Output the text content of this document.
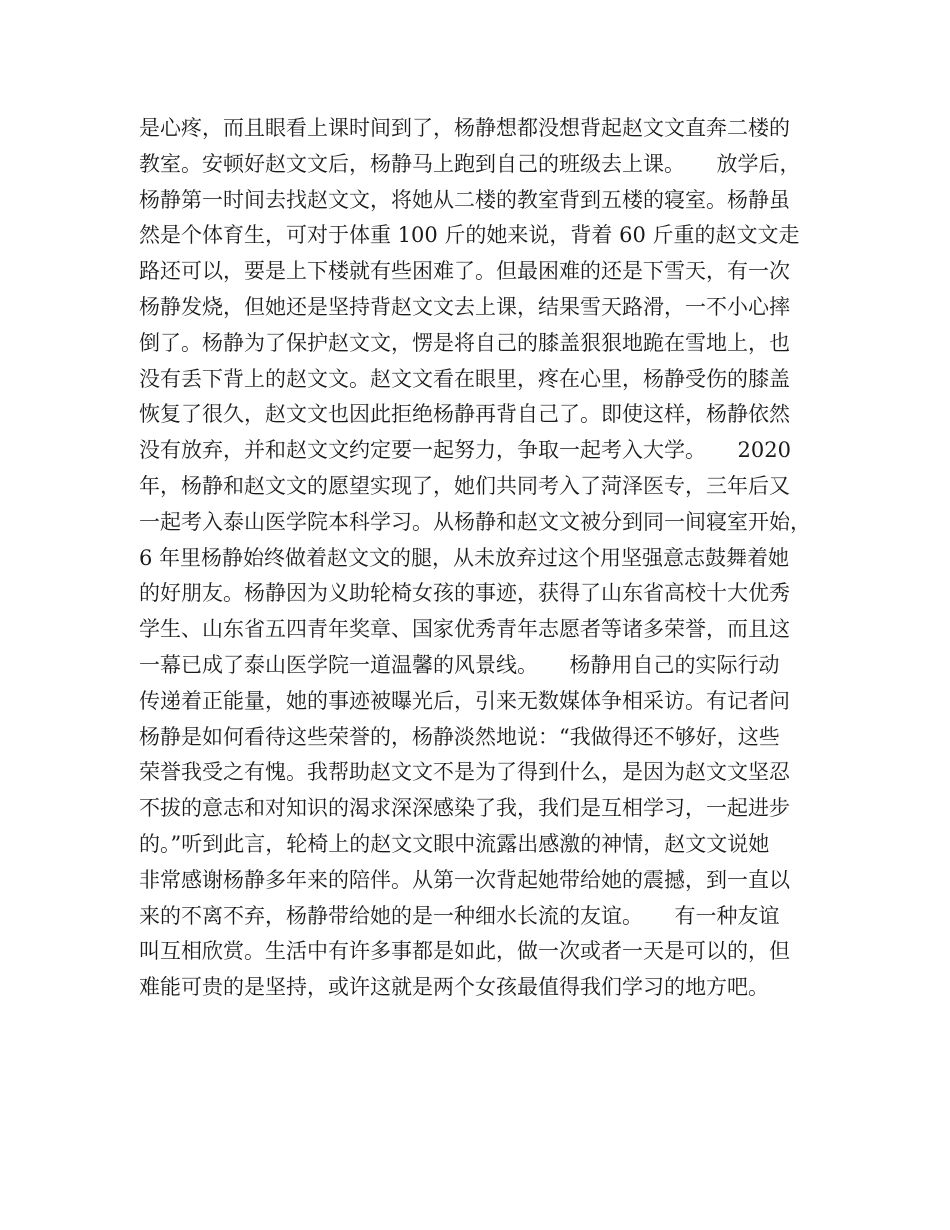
是心疼，而且眼看上课时间到了，杨静想都没想背起赵文文直奔二楼的
教室。安顿好赵文文后，杨静马上跑到自己的班级去上课。　　放学后，
杨静第一时间去找赵文文，将她从二楼的教室背到五楼的寝室。杨静虽
然是个体育生，可对于体重 100 斤的她来说，背着 60 斤重的赵文文走
路还可以，要是上下楼就有些困难了。但最困难的还是下雪天，有一次
杨静发烧，但她还是坚持背赵文文去上课，结果雪天路滑，一不小心摔
倒了。杨静为了保护赵文文，愣是将自己的膝盖狠狠地跪在雪地上，也
没有丢下背上的赵文文。赵文文看在眼里，疼在心里，杨静受伤的膝盖
恢复了很久，赵文文也因此拒绝杨静再背自己了。即使这样，杨静依然
没有放弃，并和赵文文约定要一起努力，争取一起考入大学。　　2020
年，杨静和赵文文的愿望实现了，她们共同考入了菏泽医专，三年后又
一起考入泰山医学院本科学习。从杨静和赵文文被分到同一间寝室开始，
6 年里杨静始终做着赵文文的腿，从未放弃过这个用坚强意志鼓舞着她
的好朋友。杨静因为义助轮椅女孩的事迹，获得了山东省高校十大优秀
学生、山东省五四青年奖章、国家优秀青年志愿者等诸多荣誉，而且这
一幕已成了泰山医学院一道温馨的风景线。　　杨静用自己的实际行动
传递着正能量，她的事迹被曝光后，引来无数媒体争相采访。有记者问
杨静是如何看待这些荣誉的，杨静淡然地说：“我做得还不够好，这些
荣誉我受之有愧。我帮助赵文文不是为了得到什么，是因为赵文文坚忍
不拔的意志和对知识的渴求深深感染了我，我们是互相学习，一起进步
的。”听到此言，轮椅上的赵文文眼中流露出感激的神情，赵文文说她
非常感谢杨静多年来的陪伴。从第一次背起她带给她的震撼，到一直以
来的不离不弃，杨静带给她的是一种细水长流的友谊。　　有一种友谊
叫互相欣赏。生活中有许多事都是如此，做一次或者一天是可以的，但
难能可贵的是坚持，或许这就是两个女孩最值得我们学习的地方吧。
